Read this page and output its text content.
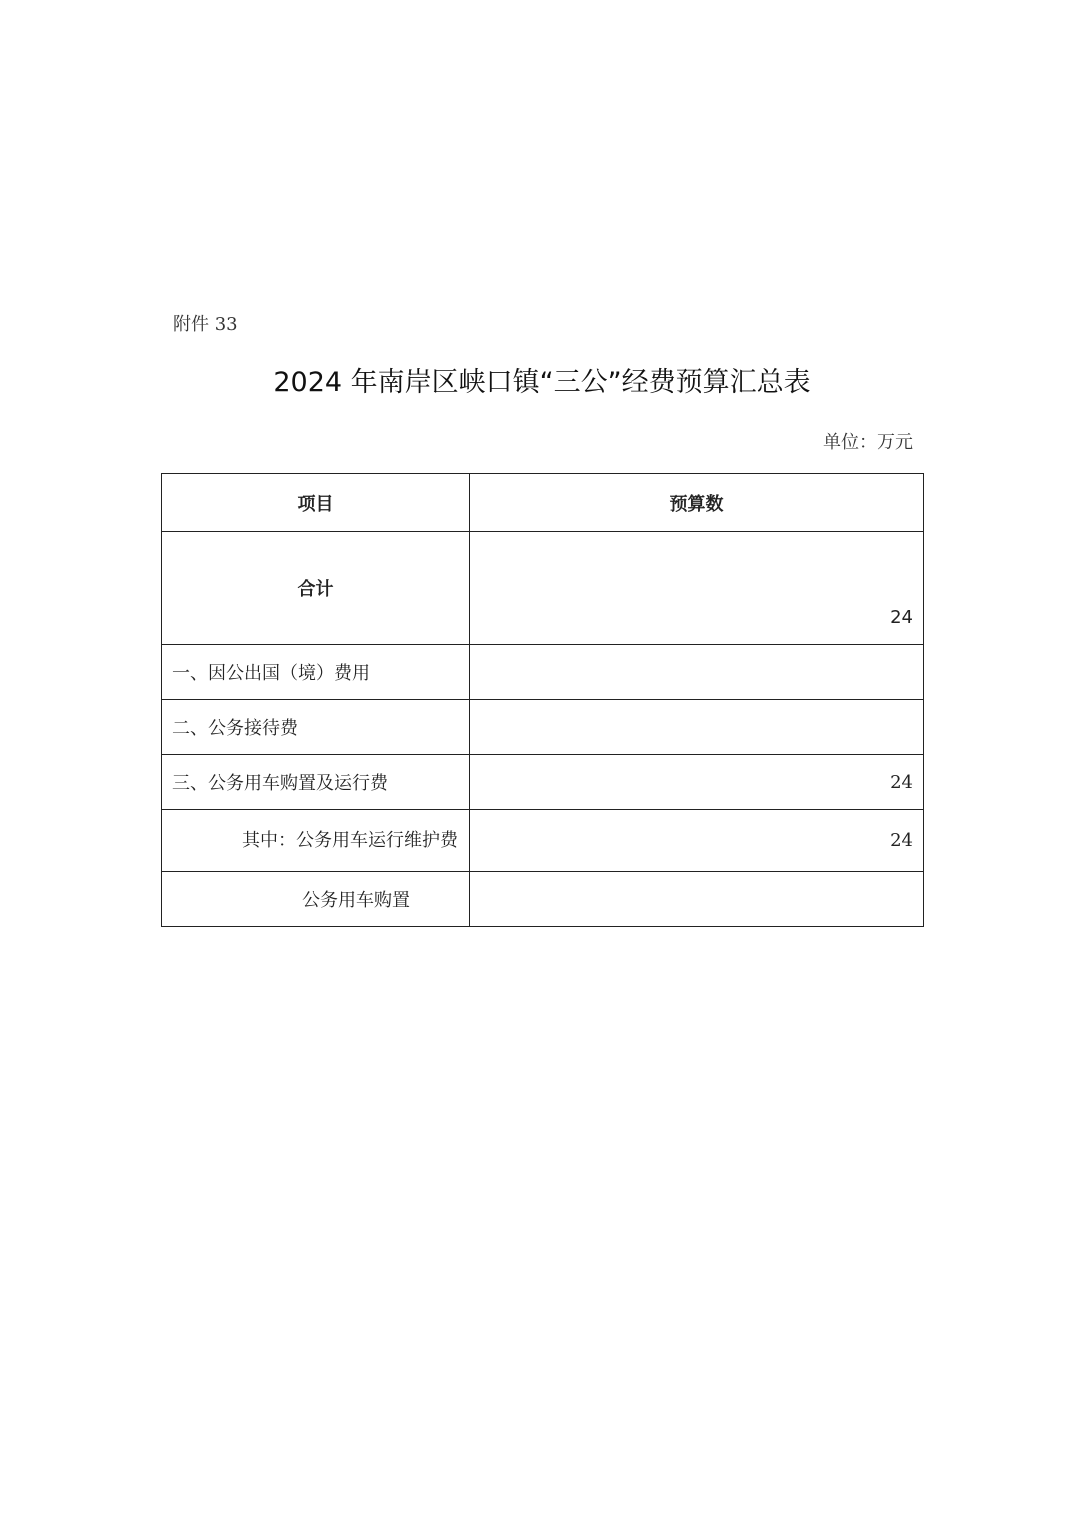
附件 33
2024 年南岸区峡口镇“三公”经费预算汇总表
单位：万元
项目	预算数
合计	24
一、因公出国（境）费用	
二、公务接待费	
三、公务用车购置及运行费	24
其中：公务用车运行维护费	24
公务用车购置	
